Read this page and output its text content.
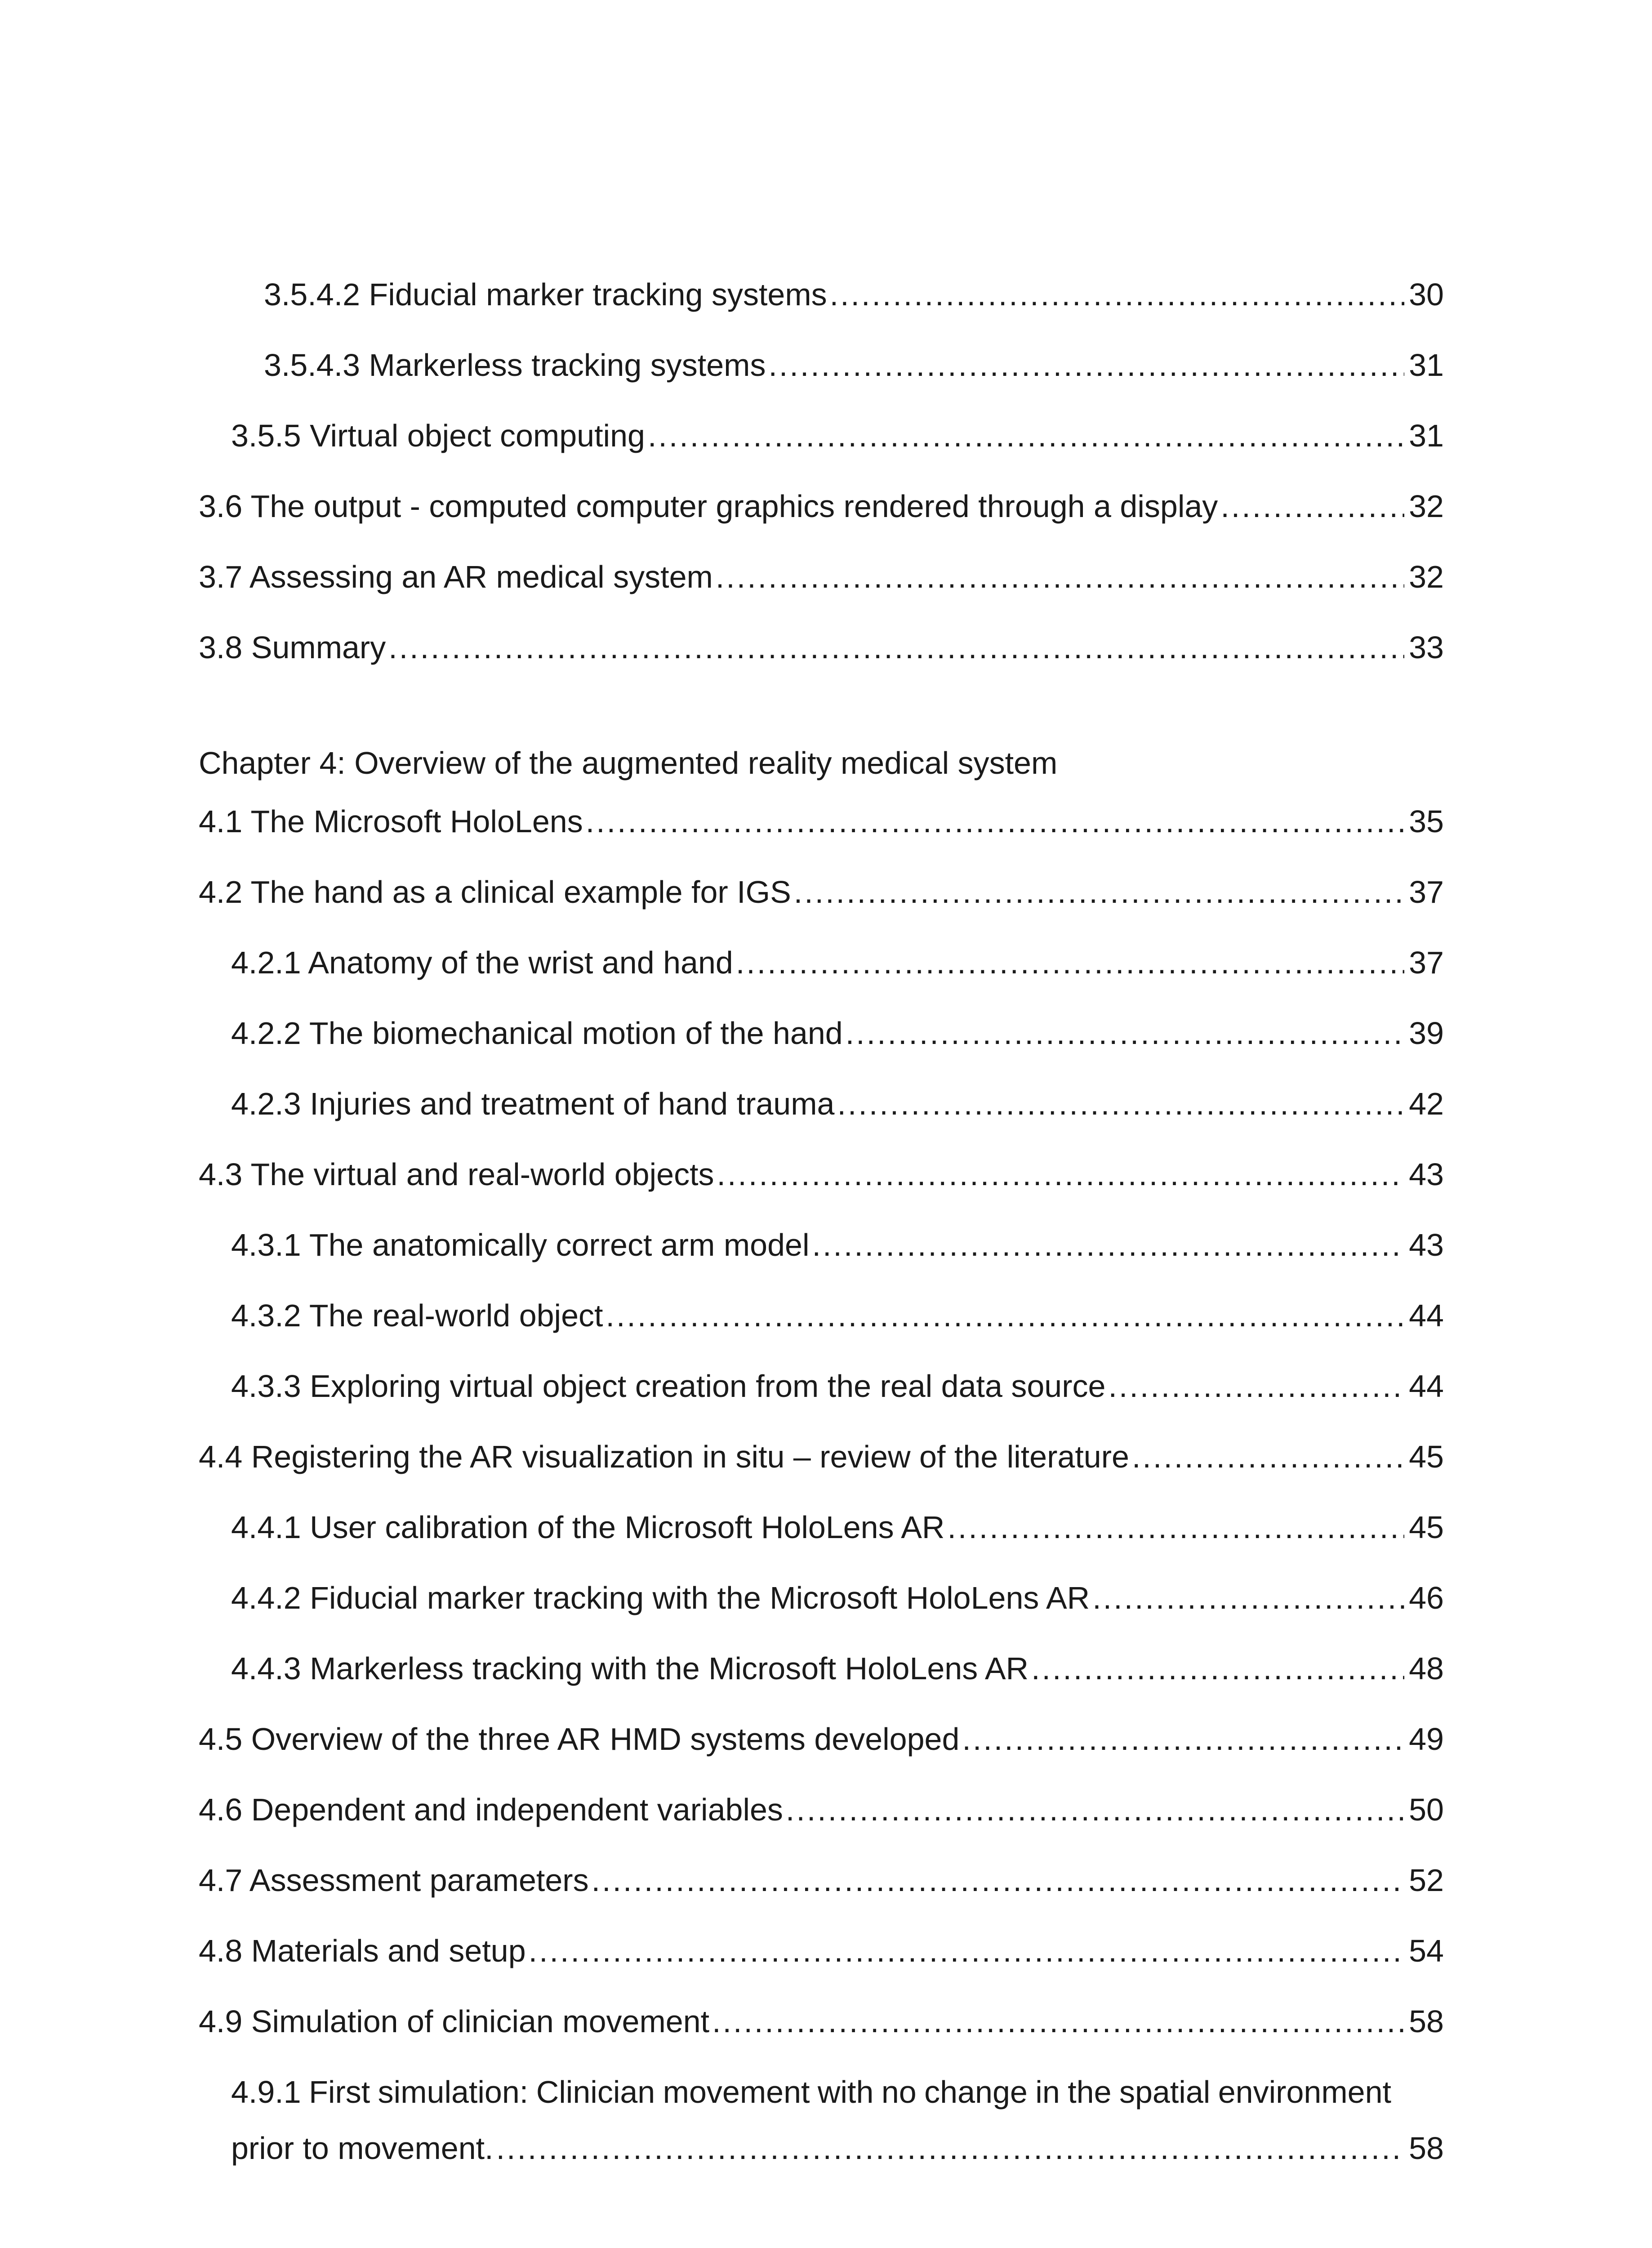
3.5.4.2 Fiducial marker tracking systems .....	30
3.5.4.3 Markerless tracking systems .....	31
3.5.5 Virtual object computing .....	31
3.6 The output - computed computer graphics rendered through a display .....	32
3.7 Assessing an AR medical system .....	32
3.8 Summary .....	33
Chapter 4: Overview of the augmented reality medical system
4.1 The Microsoft HoloLens .....	35
4.2 The hand as a clinical example for IGS .....	37
4.2.1 Anatomy of the wrist and hand .....	37
4.2.2 The biomechanical motion of the hand .....	39
4.2.3 Injuries and treatment of hand trauma .....	42
4.3 The virtual and real-world objects .....	43
4.3.1 The anatomically correct arm model .....	43
4.3.2 The real-world object .....	44
4.3.3 Exploring virtual object creation from the real data source .....	44
4.4 Registering the AR visualization in situ – review of the literature .....	45
4.4.1 User calibration of the Microsoft HoloLens AR .....	45
4.4.2 Fiducial marker tracking with the Microsoft HoloLens AR .....	46
4.4.3 Markerless tracking with the Microsoft HoloLens AR .....	48
4.5 Overview of the three AR HMD systems developed .....	49
4.6 Dependent and independent variables .....	50
4.7 Assessment parameters .....	52
4.8 Materials and setup .....	54
4.9 Simulation of clinician movement .....	58
4.9.1 First simulation: Clinician movement with no change in the spatial environment
prior to movement. .....	58
